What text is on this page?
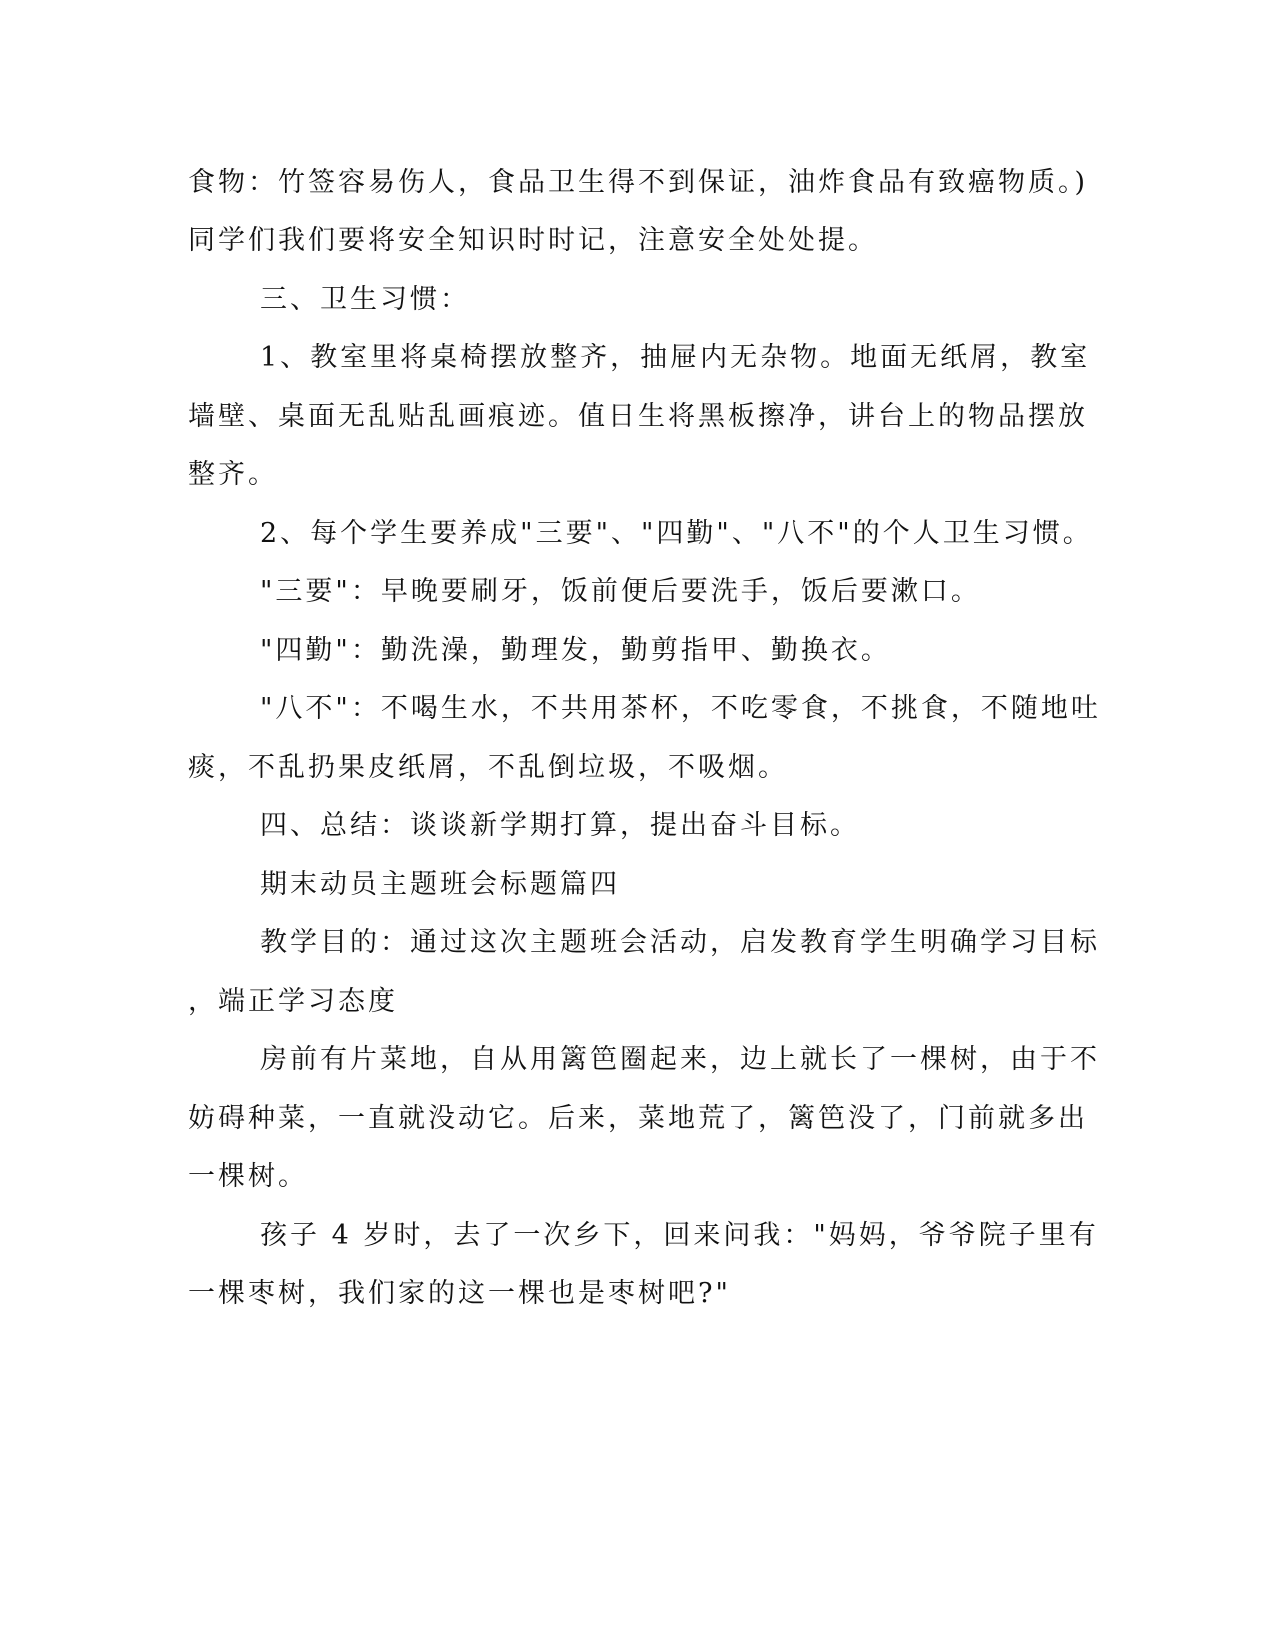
食物：竹签容易伤人，食品卫生得不到保证，油炸食品有致癌物质。)
同学们我们要将安全知识时时记，注意安全处处提。
三、卫生习惯：
1、教室里将桌椅摆放整齐，抽屉内无杂物。地面无纸屑，教室
墙壁、桌面无乱贴乱画痕迹。值日生将黑板擦净，讲台上的物品摆放
整齐。
2、每个学生要养成"三要"、"四勤"、"八不"的个人卫生习惯。
"三要"：早晚要刷牙，饭前便后要洗手，饭后要漱口。
"四勤"：勤洗澡，勤理发，勤剪指甲、勤换衣。
"八不"：不喝生水，不共用茶杯，不吃零食，不挑食，不随地吐
痰，不乱扔果皮纸屑，不乱倒垃圾，不吸烟。
四、总结：谈谈新学期打算，提出奋斗目标。
期末动员主题班会标题篇四
教学目的：通过这次主题班会活动，启发教育学生明确学习目标
，端正学习态度
房前有片菜地，自从用篱笆圈起来，边上就长了一棵树，由于不
妨碍种菜，一直就没动它。后来，菜地荒了，篱笆没了，门前就多出
一棵树。
孩子 4 岁时，去了一次乡下，回来问我："妈妈，爷爷院子里有
一棵枣树，我们家的这一棵也是枣树吧?"
